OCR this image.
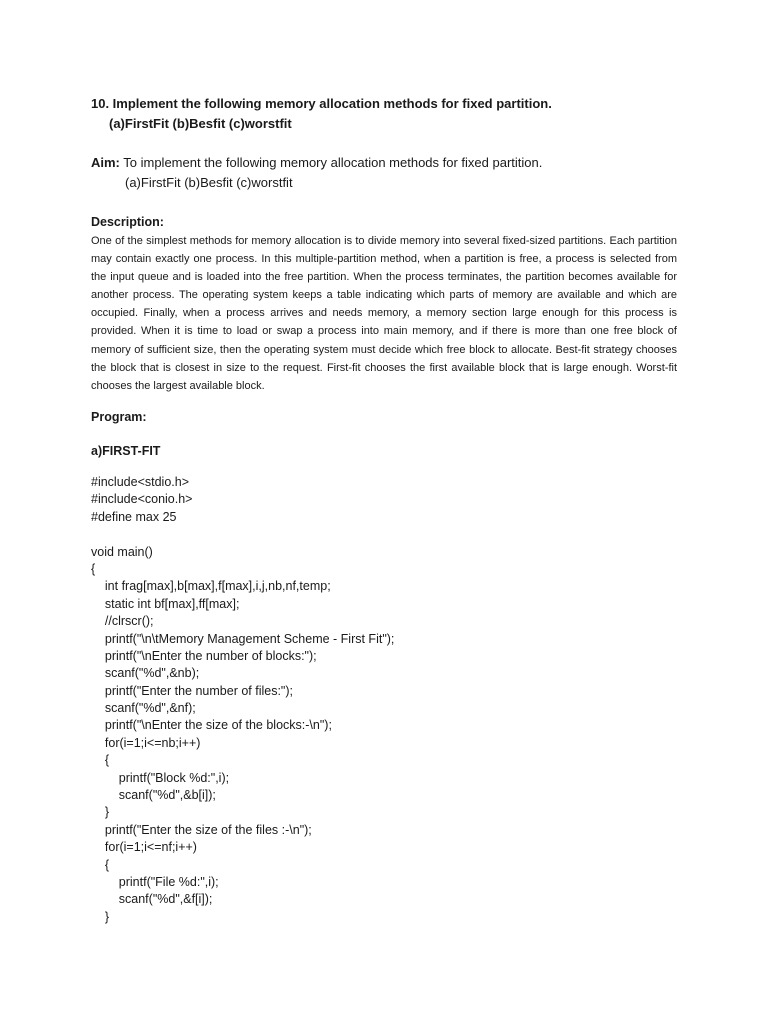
10. Implement the following memory allocation methods for fixed partition.
(a)FirstFit (b)Besfit (c)worstfit
Aim: To implement the following memory allocation methods for fixed partition.
(a)FirstFit (b)Besfit (c)worstfit
Description:
One of the simplest methods for memory allocation is to divide memory into several fixed-sized partitions. Each partition may contain exactly one process. In this multiple-partition method, when a partition is free, a process is selected from the input queue and is loaded into the free partition. When the process terminates, the partition becomes available for another process. The operating system keeps a table indicating which parts of memory are available and which are occupied. Finally, when a process arrives and needs memory, a memory section large enough for this process is provided. When it is time to load or swap a process into main memory, and if there is more than one free block of memory of sufficient size, then the operating system must decide which free block to allocate. Best-fit strategy chooses the block that is closest in size to the request. First-fit chooses the first available block that is large enough. Worst-fit chooses the largest available block.
Program:
a)FIRST-FIT
#include<stdio.h>
#include<conio.h>
#define max 25
void main()
{
int frag[max],b[max],f[max],i,j,nb,nf,temp;
static int bf[max],ff[max];
//clrscr();
printf("\n\tMemory Management Scheme - First Fit");
printf("\nEnter the number of blocks:");
scanf("%d",&nb);
printf("Enter the number of files:");
scanf("%d",&nf);
printf("\nEnter the size of the blocks:-\n");
for(i=1;i<=nb;i++)
{
printf("Block %d:",i);
scanf("%d",&b[i]);
}
printf("Enter the size of the files :-\n");
for(i=1;i<=nf;i++)
{
printf("File %d:",i);
scanf("%d",&f[i]);
}
